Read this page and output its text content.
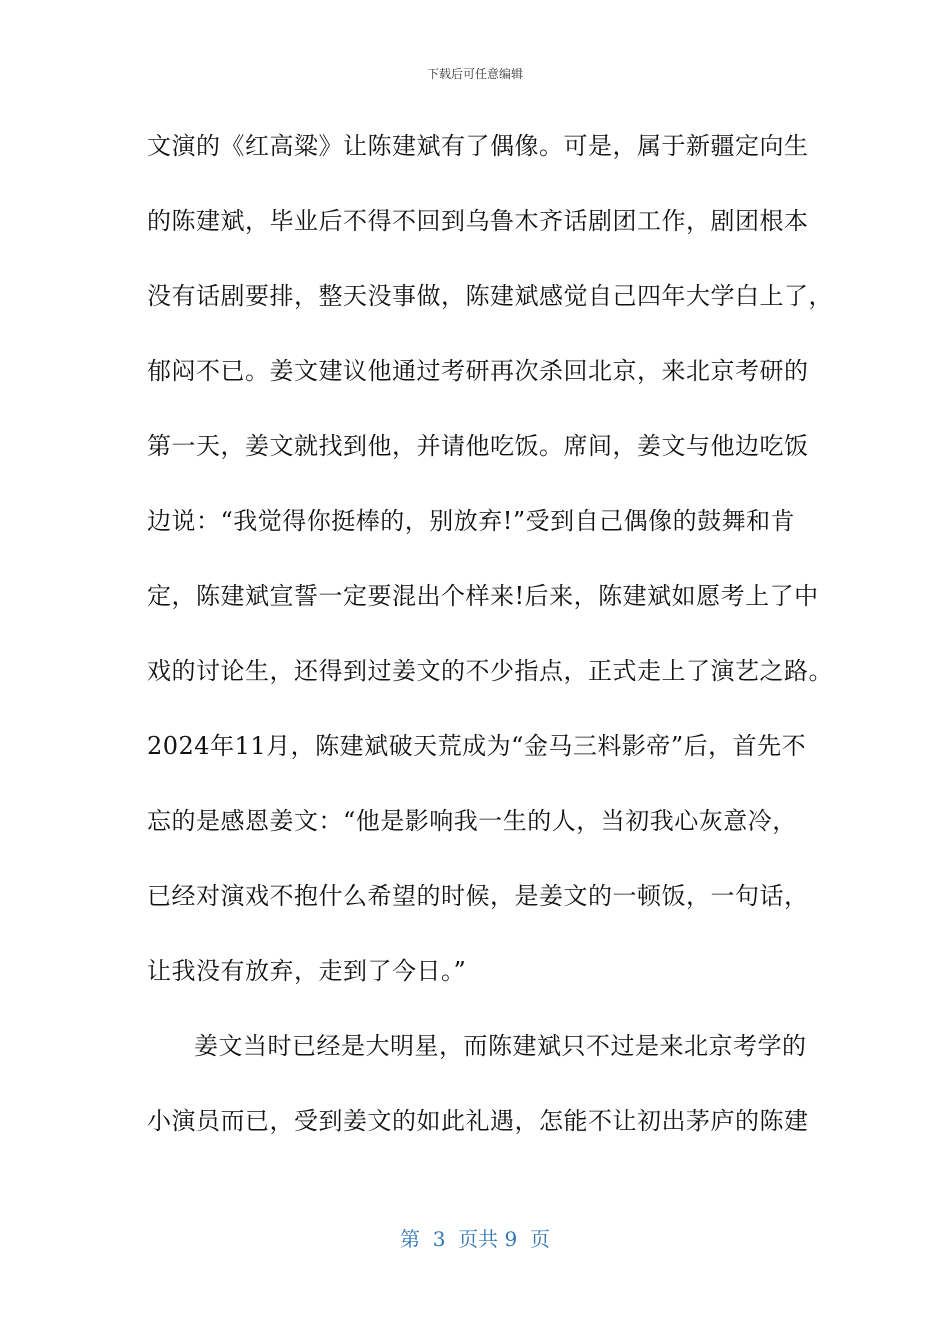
下载后可任意编辑
文演的《红高粱》让陈建斌有了偶像。可是，属于新疆定向生
的陈建斌，毕业后不得不回到乌鲁木齐话剧团工作，剧团根本
没有话剧要排，整天没事做，陈建斌感觉自己四年大学白上了，
郁闷不已。姜文建议他通过考研再次杀回北京，来北京考研的
第一天，姜文就找到他，并请他吃饭。席间，姜文与他边吃饭
边说：“我觉得你挺棒的，别放弃!”受到自己偶像的鼓舞和肯
定，陈建斌宣誓一定要混出个样来!后来，陈建斌如愿考上了中
戏的讨论生，还得到过姜文的不少指点，正式走上了演艺之路。
2024年11月，陈建斌破天荒成为“金马三料影帝”后，首先不
忘的是感恩姜文：“他是影响我一生的人，当初我心灰意冷，
已经对演戏不抱什么希望的时候，是姜文的一顿饭，一句话，
让我没有放弃，走到了今日。”
姜文当时已经是大明星，而陈建斌只不过是来北京考学的
小演员而已，受到姜文的如此礼遇，怎能不让初出茅庐的陈建
第  3  页共 9  页
